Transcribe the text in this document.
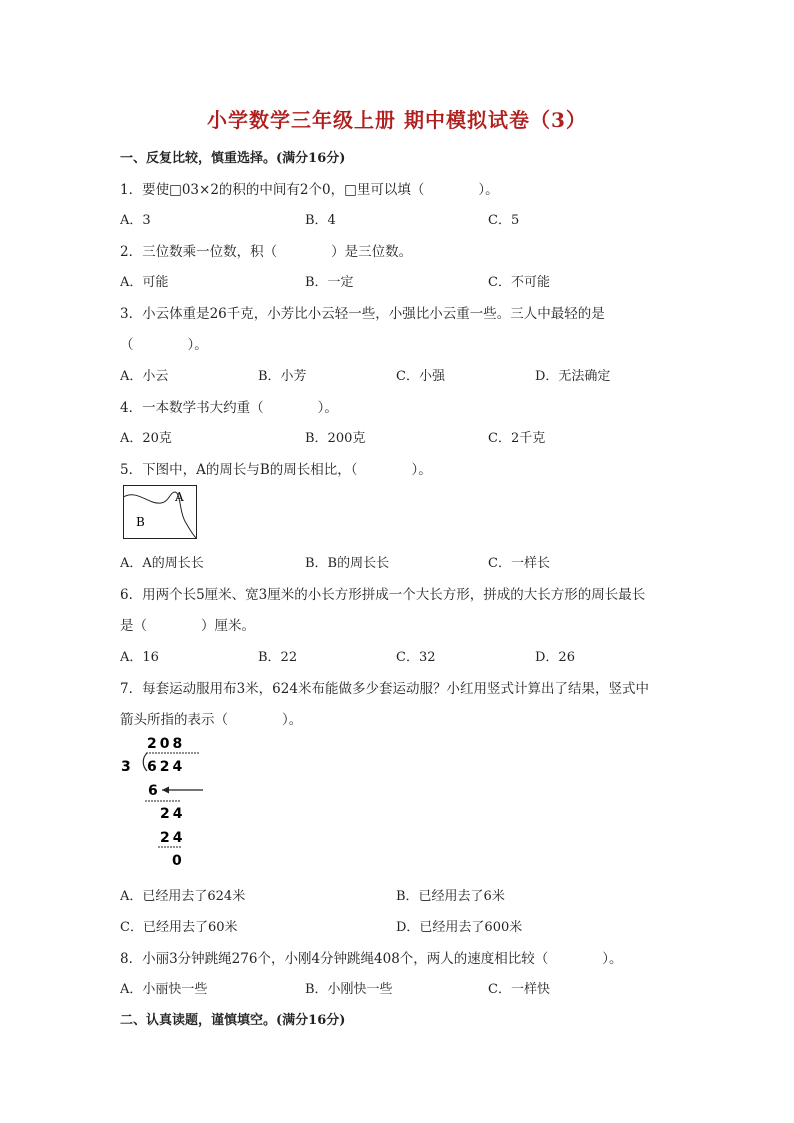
小学数学三年级上册 期中模拟试卷（3）
一、反复比较，慎重选择。(满分16分)
1．要使□03×2的积的中间有2个0，□里可以填（　　　　）。
A．3	B．4	C．5
2．三位数乘一位数，积（　　　　）是三位数。
A．可能	B．一定	C．不可能
3．小云体重是26千克，小芳比小云轻一些，小强比小云重一些。三人中最轻的是
（　　　　）。
A．小云	B．小芳	C．小强	D．无法确定
4．一本数学书大约重（　　　　）。
A．20克	B．200克	C．2千克
5．下图中，A的周长与B的周长相比，（　　　　）。
A
B
A．A的周长长	B．B的周长长	C．一样长
6．用两个长5厘米、宽3厘米的小长方形拼成一个大长方形，拼成的大长方形的周长最长
是（　　　　）厘米。
A．16	B．22	C．32	D．26
7．每套运动服用布3米，624米布能做多少套运动服？小红用竖式计算出了结果，竖式中
箭头所指的表示（　　　　）。
208
3 624
6
24
24
0
A．已经用去了624米	B．已经用去了6米
C．已经用去了60米	D．已经用去了600米
8．小丽3分钟跳绳276个，小刚4分钟跳绳408个，两人的速度相比较（　　　　）。
A．小丽快一些	B．小刚快一些	C．一样快
二、认真读题，谨慎填空。(满分16分)
